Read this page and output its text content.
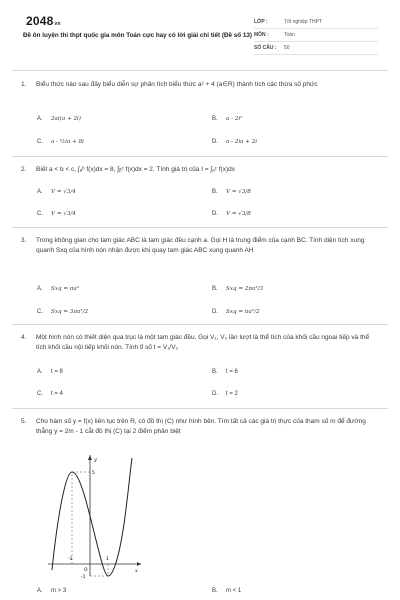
2048vn
Đề ôn luyện thi thpt quốc gia môn Toán cực hay có lời giải chi tiết (Đề số 13)
LỚP :	Tốt nghiệp THPT
MÔN :	Toán
SỐ CÂU : 50
1. Biểu thức nào sau đây biểu diễn sự phân tích biểu thức a² + 4 (a∈R) thành tích các thừa số phức
A. 2ai(a + 2i)	B. a - 2i²
C. a - ½ia + 8i	D. a - 2ia + 2i
2. Biết a < b < c, ∫ₐᵇ f(x)dx = 8, ∫ᵦᶜ f(x)dx = 2. Tính giá trị của I = ∫ₐᶜ f(x)dx
A. V = √3/4	B. V = √3/8
C. V = √3/4	D. V = √3/8
3. Trong không gian cho tam giác ABC là tam giác đều cạnh a. Gọi H là trung điểm của cạnh BC. Tính diện tích xung quanh Sxq của hình nón nhận được khi quay tam giác ABC xung quanh AH
A. Sxq = πa²	B. Sxq = 2πa²/3
C. Sxq = 3πa²/2	D. Sxq = πa²/2
4. Một hình nón có thiết diện qua trục là một tam giác đều. Gọi V₁, V₂ lần lượt là thể tích của khối cầu ngoại tiếp và thể tích khối cầu nội tiếp khối nón. Tính tỉ số t = V₁/V₂
A. t = 8	B. t = 6
C. t = 4	D. t = 2
5. Cho hàm số y = f(x) liên tục trên R, có đồ thị (C) như hình bên. Tìm tất cả các giá trị thực của tham số m để đường thẳng y = 2m - 1 cắt đồ thị (C) tại 2 điểm phân biệt
y
x
O
5
-1
-1	1
A. m > 3	B. m < 1
